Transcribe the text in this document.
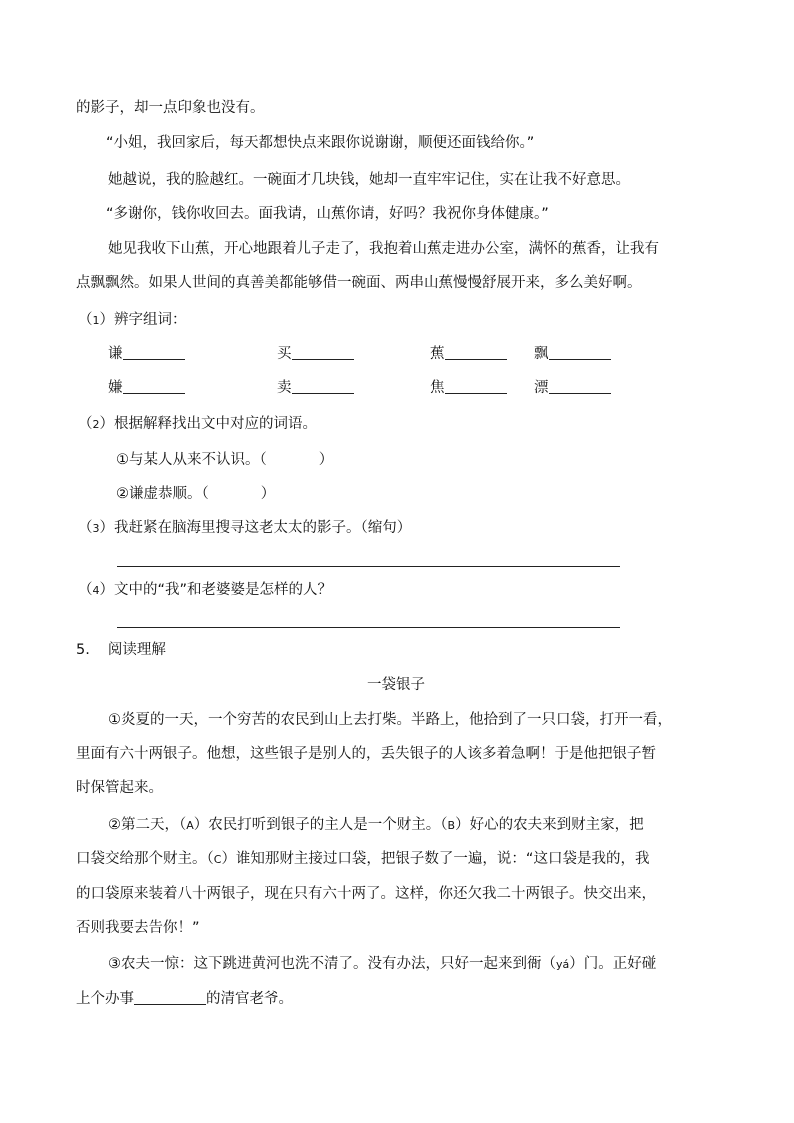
的影子，却一点印象也没有。
“小姐，我回家后，每天都想快点来跟你说谢谢，顺便还面钱给你。”
她越说，我的脸越红。一碗面才几块钱，她却一直牢牢记住，实在让我不好意思。
“多谢你，钱你收回去。面我请，山蕉你请，好吗？我祝你身体健康。”
她见我收下山蕉，开心地跟着儿子走了，我抱着山蕉走进办公室，满怀的蕉香，让我有
点飘飘然。如果人世间的真善美都能够借一碗面、两串山蕉慢慢舒展开来，多么美好啊。
（1）辨字组词：
谦	买	蕉	飘
嫌	卖	焦	漂
（2）根据解释找出文中对应的词语。
①与某人从来不认识。（	）
②谦虚恭顺。（	）
（3）我赶紧在脑海里搜寻这老太太的影子。（缩句）
（4）文中的“我”和老婆婆是怎样的人？
5. 阅读理解
一袋银子
①炎夏的一天，一个穷苦的农民到山上去打柴。半路上，他拾到了一只口袋，打开一看，
里面有六十两银子。他想，这些银子是别人的，丢失银子的人该多着急啊！于是他把银子暂
时保管起来。
②第二天，（A）农民打听到银子的主人是一个财主。（B）好心的农夫来到财主家，把
口袋交给那个财主。（C）谁知那财主接过口袋，把银子数了一遍，说：“这口袋是我的，我
的口袋原来装着八十两银子，现在只有六十两了。这样，你还欠我二十两银子。快交出来，
否则我要去告你！”
③农夫一惊：这下跳进黄河也洗不清了。没有办法，只好一起来到衙（yá）门。正好碰
上个办事	的清官老爷。
